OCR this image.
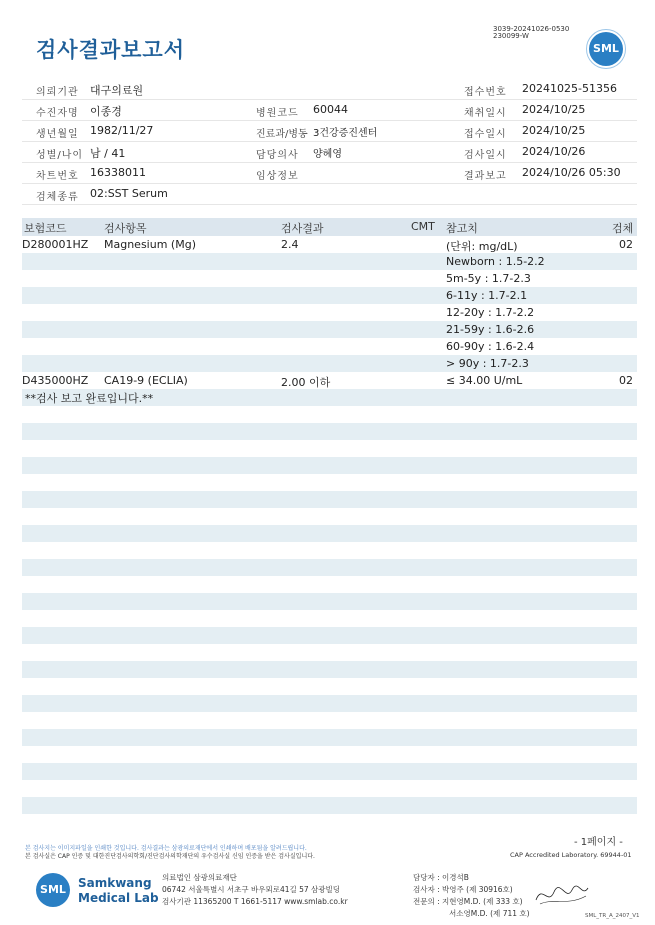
검사결과보고서
3039-20241026-0530
230099-W
SML
의뢰기관 대구의료원	접수번호 20241025-51356
수진자명 이종경	병원코드 60044	채취일시 2024/10/25
생년월일 1982/11/27	진료과/병동 3건강증진센터	접수일시 2024/10/25
성별/나이 남 / 41	담당의사 양혜영	검사일시 2024/10/26
차트번호 16338011	임상정보	결과보고 2024/10/26 05:30
검체종류 02:SST Serum
보험코드	검사항목	검사결과	CMT 참고치	검체
D280001HZ Magnesium (Mg)	2.4	(단위: mg/dL)	02
Newborn : 1.5-2.2
5m-5y : 1.7-2.3
6-11y : 1.7-2.1
12-20y : 1.7-2.2
21-59y : 1.6-2.6
60-90y : 1.6-2.4
> 90y : 1.7-2.3
D435000HZ CA19-9 (ECLIA)	2.00 이하	≤ 34.00 U/mL	02
**검사 보고 완료입니다.**
- 1페이지 -
본 검사지는 이미지파일을 인쇄한 것입니다. 검사결과는 삼광의료재단에서 인쇄하며 배포됨을 알려드립니다.
본 검사실은 CAP 인증 및 대한진단검사의학회/진단검사의학재단의 우수검사실 신임 인증을 받은 검사실입니다.	CAP Accredited Laboratory. 69944-01
SML	Samkwang
Medical Lab
의료법인 삼광의료재단
06742 서울특별시 서초구 바우뫼로41길 57 삼광빌딩
검사기관 11365200 T 1661-5117 www.smlab.co.kr
담당자 : 이경석B
검사자 : 박영주 (제 30916호)
전문의 : 지현영M.D. (제 333 호)
서소영M.D. (제 711 호)	SML_TR_A_2407_V1
